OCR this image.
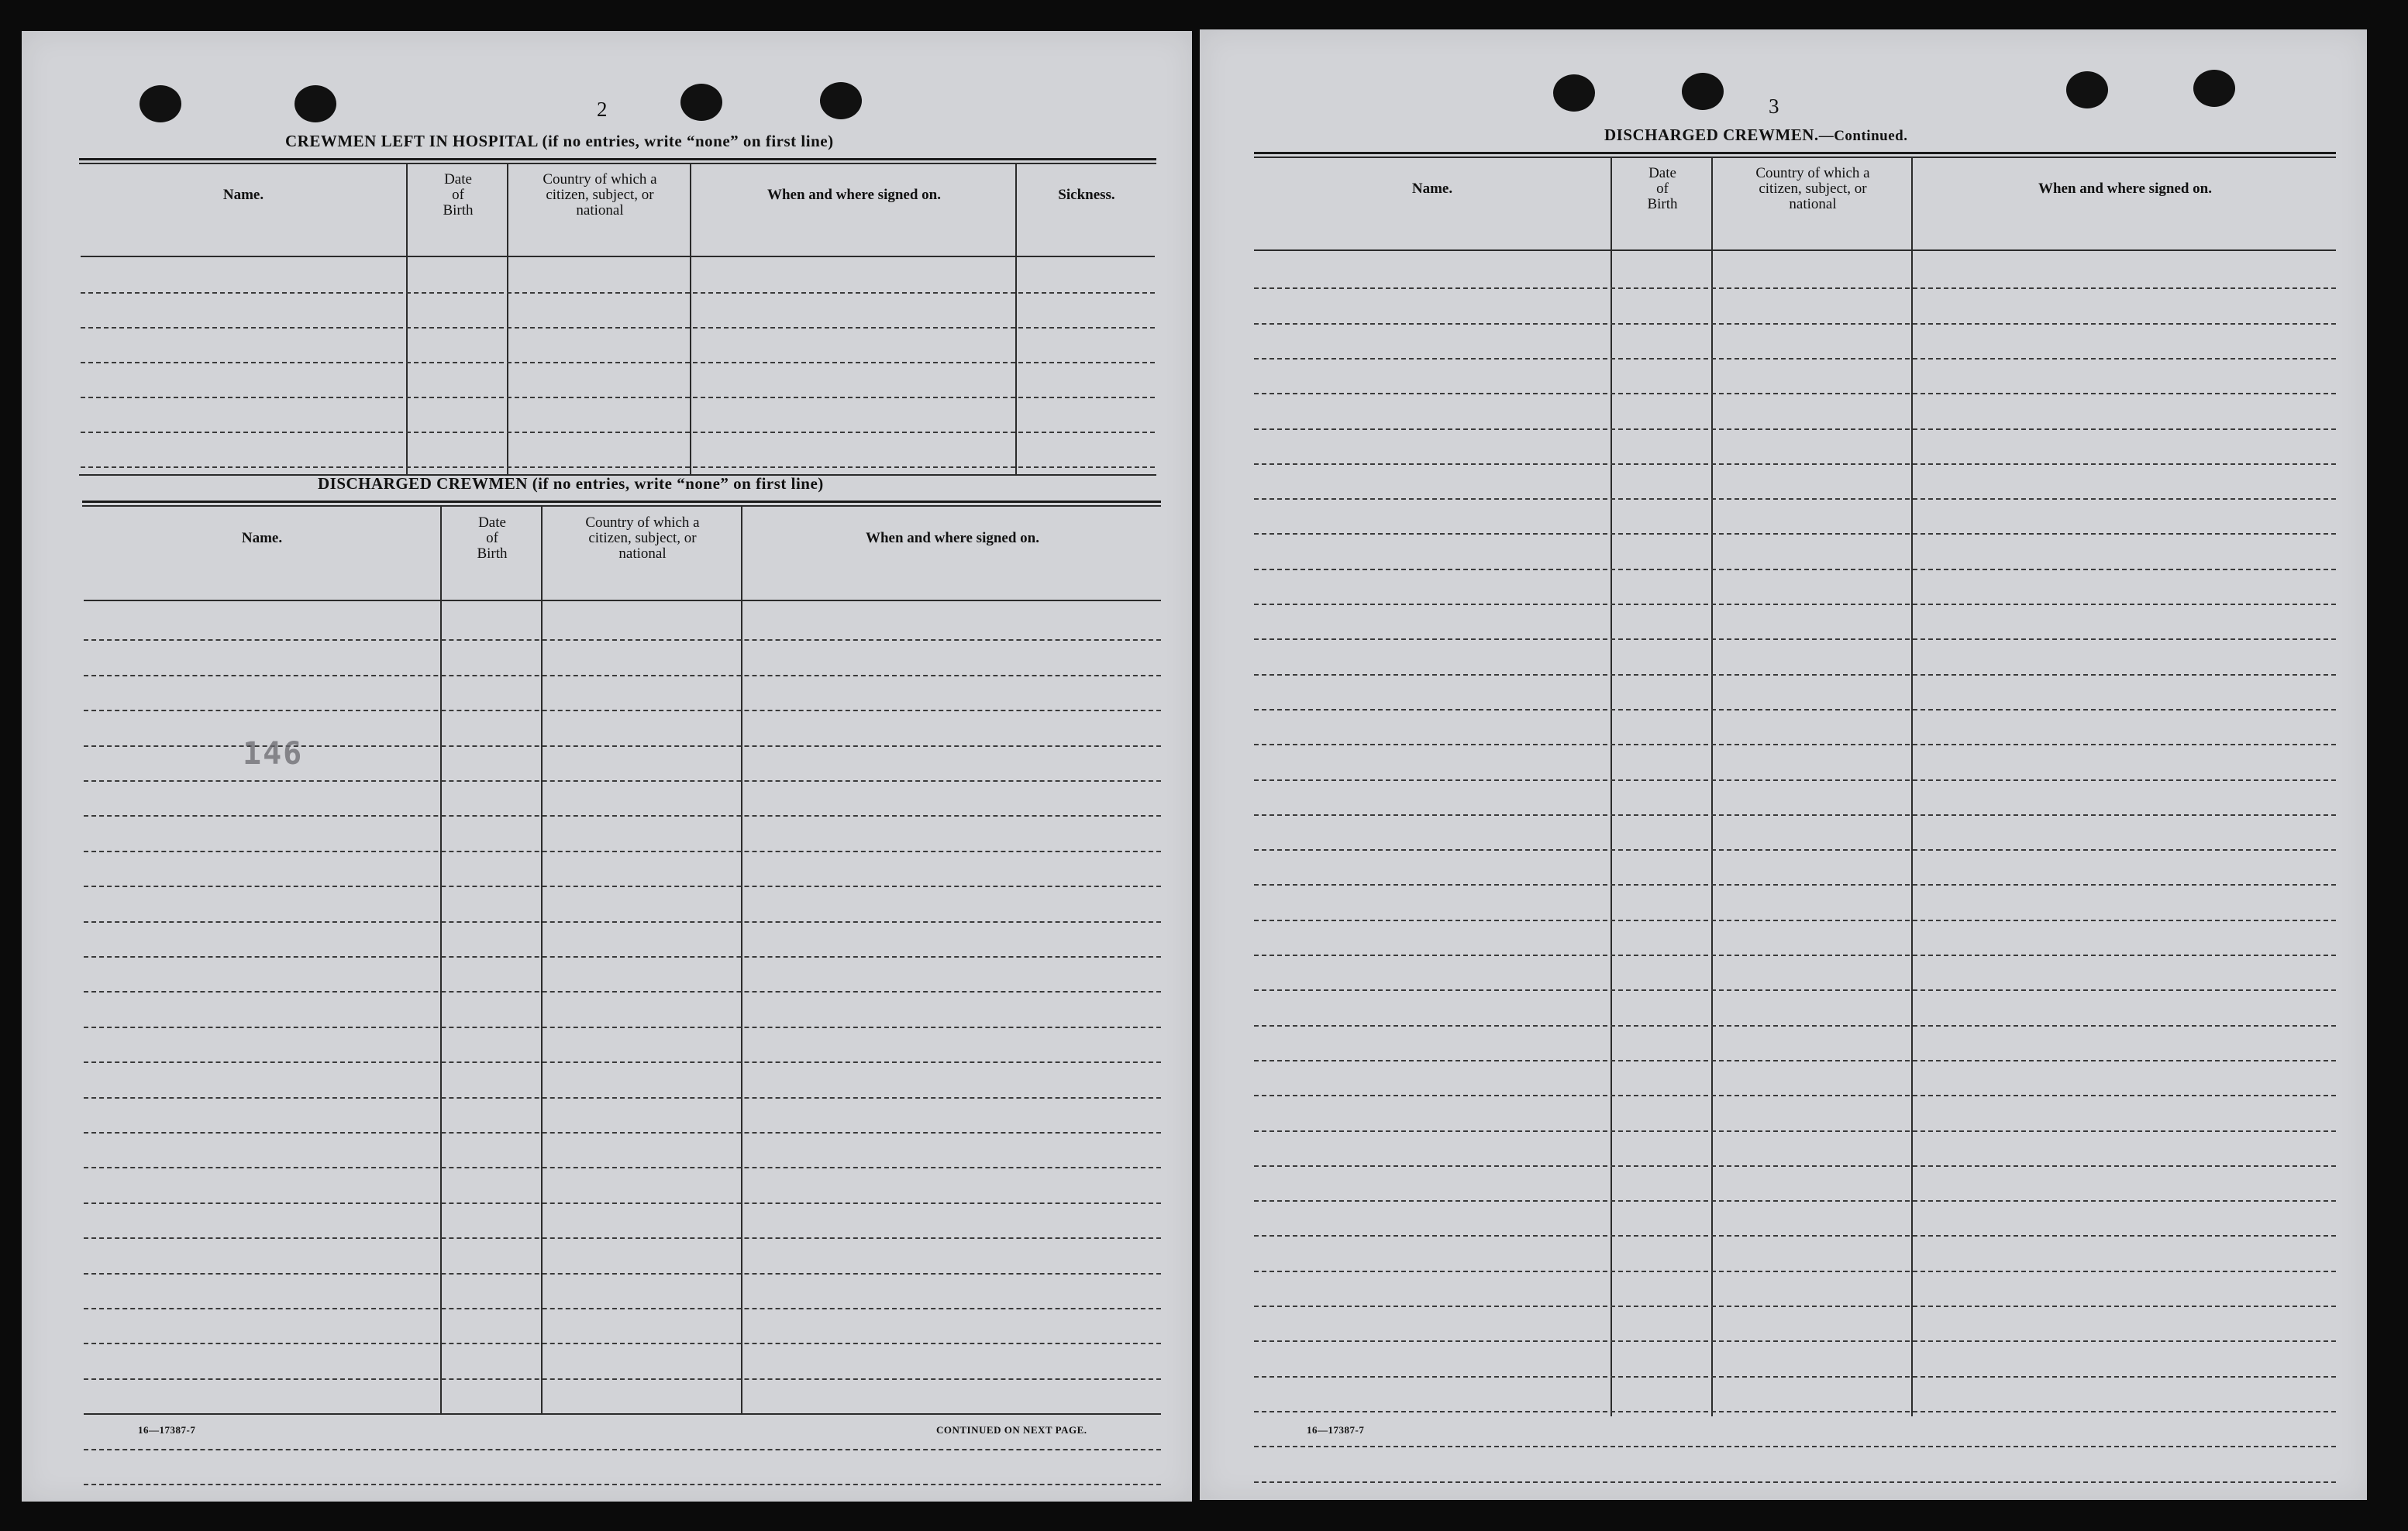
2
CREWMEN LEFT IN HOSPITAL (if no entries, write “none” on first line)
Name.
Date
of
Birth
Country of which a
citizen, subject, or
national
When and where signed on.	Sickness.
DISCHARGED CREWMEN (if no entries, write “none” on first line)
Name.
Date
of
Birth
Country of which a
citizen, subject, or
national
When and where signed on.
146
16—17387-7	CONTINUED ON NEXT PAGE.
3
DISCHARGED CREWMEN.—Continued.
Name.
Date
of
Birth
Country of which a
citizen, subject, or
national
When and where signed on.
16—17387-7
